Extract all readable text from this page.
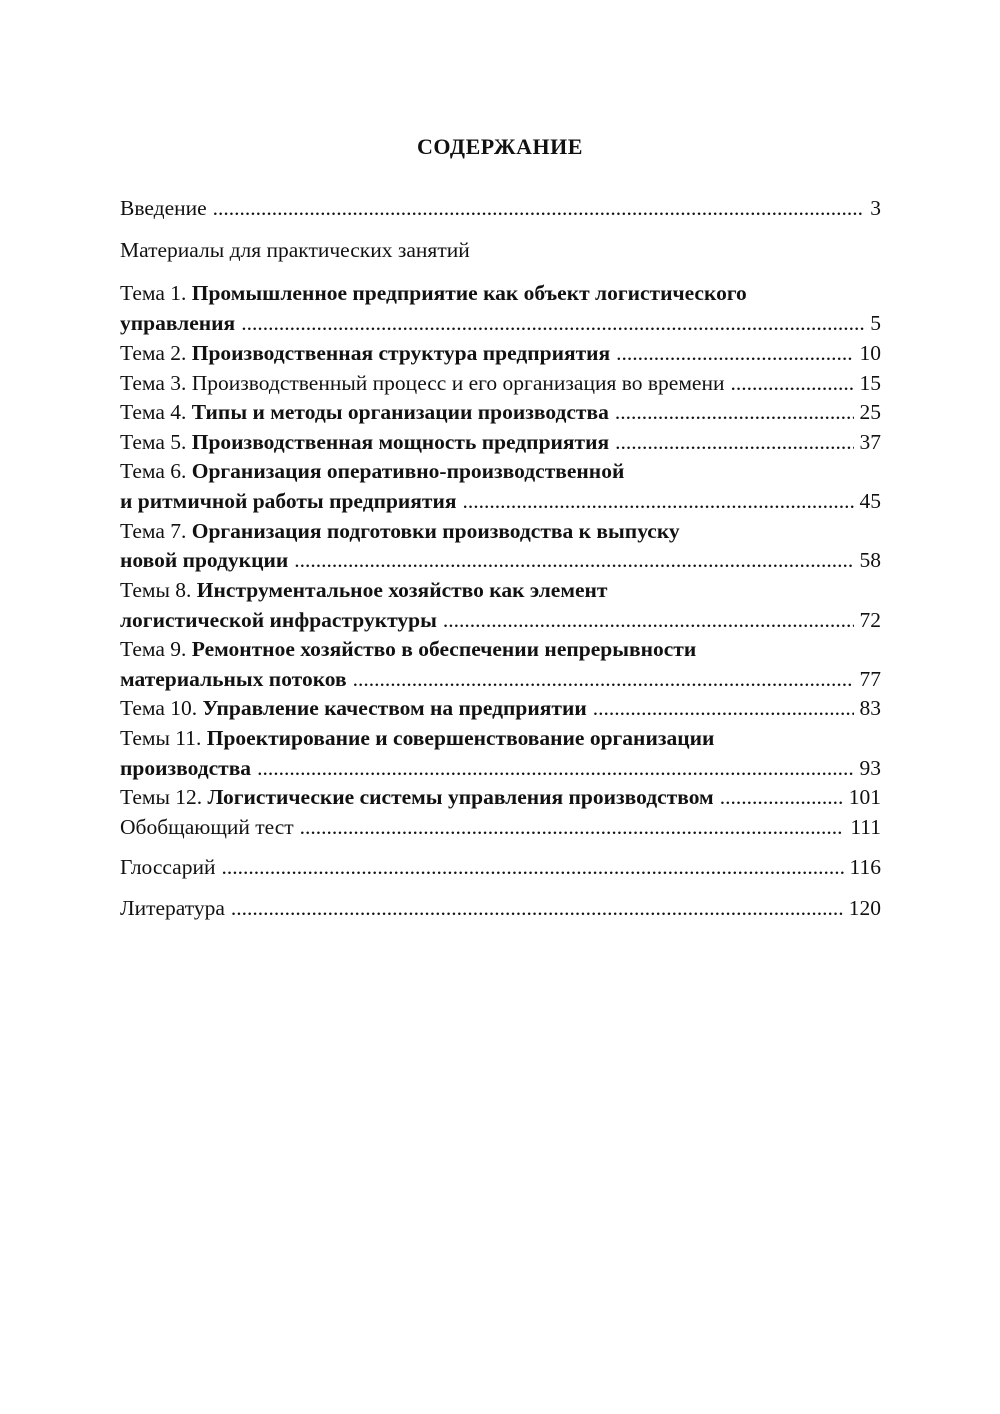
СОДЕРЖАНИЕ
Введение .....	3
Материалы для практических занятий
Тема 1. Промышленное предприятие как объект логистического
управления .....	5
Тема 2. Производственная структура предприятия .....	10
Тема 3. Производственный процесс и его организация во времени .....	15
Тема 4. Типы и методы организации производства .....	25
Тема 5. Производственная мощность предприятия .....	37
Тема 6. Организация оперативно-производственной
и ритмичной работы предприятия .....	45
Тема 7. Организация подготовки производства к выпуску
новой продукции .....	58
Темы 8. Инструментальное хозяйство как элемент
логистической инфраструктуры .....	72
Тема 9. Ремонтное хозяйство в обеспечении непрерывности
материальных потоков .....	77
Тема 10. Управление качеством на предприятии .....	83
Темы 11. Проектирование и совершенствование организации
производства .....	93
Темы 12. Логистические системы управления производством .....	101
Обобщающий тест .....	111
Глоссарий .....	116
Литература .....	120
